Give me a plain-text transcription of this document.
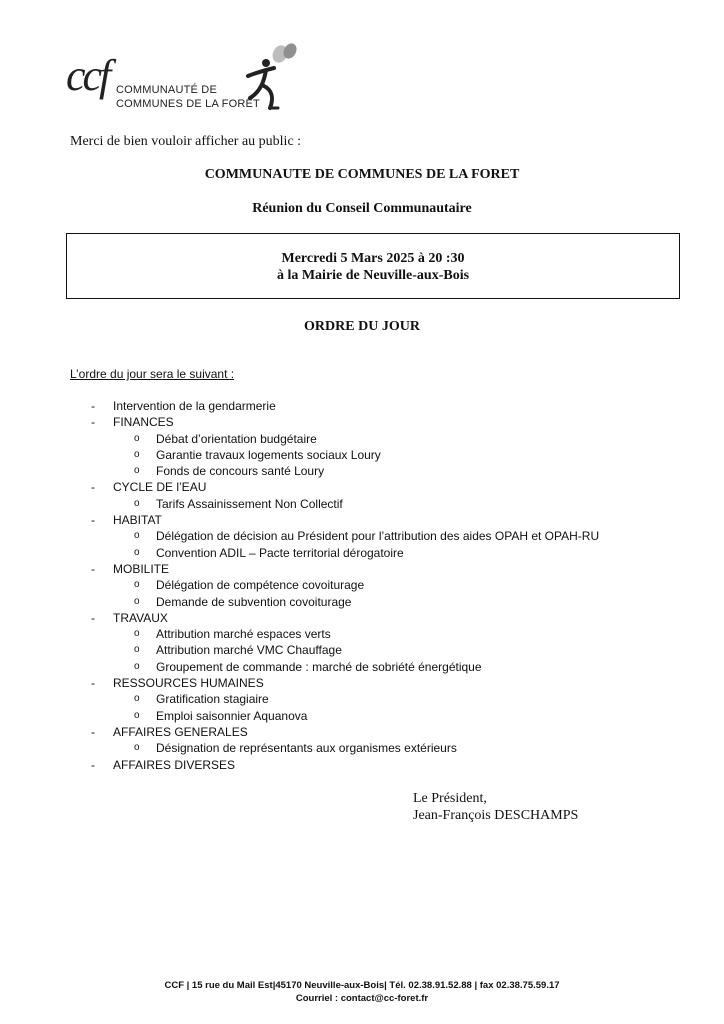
ccf COMMUNAUTÉ DE
COMMUNES DE LA FORÊT
Merci de bien vouloir afficher au public :
COMMUNAUTE DE COMMUNES DE LA FORET
Réunion du Conseil Communautaire
Mercredi 5 Mars 2025 à 20 :30
à la Mairie de Neuville-aux-Bois
ORDRE DU JOUR
L’ordre du jour sera le suivant :
- Intervention de la gendarmerie
- FINANCES
o Débat d’orientation budgétaire
o Garantie travaux logements sociaux Loury
o Fonds de concours santé Loury
- CYCLE DE l’EAU
o Tarifs Assainissement Non Collectif
- HABITAT
o Délégation de décision au Président pour l’attribution des aides OPAH et OPAH-RU
o Convention ADIL – Pacte territorial dérogatoire
- MOBILITE
o Délégation de compétence covoiturage
o Demande de subvention covoiturage
- TRAVAUX
o Attribution marché espaces verts
o Attribution marché VMC Chauffage
o Groupement de commande : marché de sobriété énergétique
- RESSOURCES HUMAINES
o Gratification stagiaire
o Emploi saisonnier Aquanova
- AFFAIRES GENERALES
o Désignation de représentants aux organismes extérieurs
- AFFAIRES DIVERSES
Le Président,
Jean-François DESCHAMPS
CCF | 15 rue du Mail Est|45170 Neuville-aux-Bois| Tél. 02.38.91.52.88 | fax 02.38.75.59.17
Courriel : contact@cc-foret.fr
